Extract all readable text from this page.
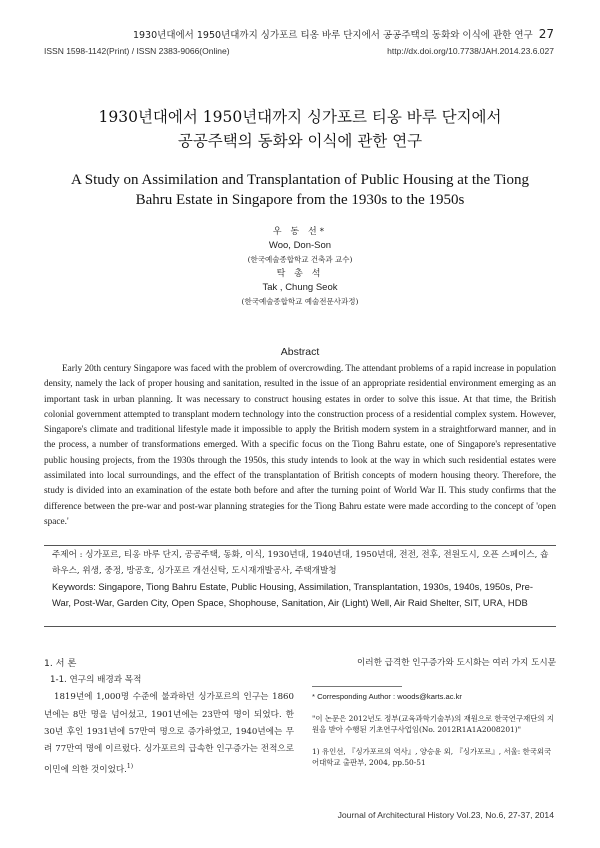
1930년대에서 1950년대까지 싱가포르 티옹 바루 단지에서 공공주택의 동화와 이식에 관한 연구 27
ISSN 1598-1142(Print) / ISSN 2383-9066(Online)	http://dx.doi.org/10.7738/JAH.2014.23.6.027
1930년대에서 1950년대까지 싱가포르 티옹 바루 단지에서
공공주택의 동화와 이식에 관한 연구
A Study on Assimilation and Transplantation of Public Housing at the Tiong
Bahru Estate in Singapore from the 1930s to the 1950s
우 동 선*
Woo, Don-Son
(한국예술종합학교 건축과 교수)
탁 총 석
Tak , Chung Seok
(한국예술종합학교 예술전문사과정)
Abstract
Early 20th century Singapore was faced with the problem of overcrowding. The attendant problems of a rapid increase in population density, namely the lack of proper housing and sanitation, resulted in the issue of an appropriate residential environment emerging as an important task in urban planning. It was necessary to construct housing estates in order to solve this issue. At that time, the British colonial government attempted to transplant modern technology into the construction process of a residential complex system. However, Singapore's climate and traditional lifestyle made it impossible to apply the British modern system in a straightforward manner, and in the process, a number of transformations emerged. With a specific focus on the Tiong Bahru estate, one of Singapore's representative public housing projects, from the 1930s through the 1950s, this study intends to look at the way in which such residential estates were assimilated into local surroundings, and the effect of the transplantation of British concepts of modern housing theory. Therefore, the study is divided into an examination of the estate both before and after the turning point of World War II. This study confirms that the difference between the pre-war and post-war planning strategies for the Tiong Bahru estate were made according to the concept of 'open space.'
주제어 : 싱가포르, 티옹 바루 단지, 공공주택, 동화, 이식, 1930년대, 1940년대, 1950년대, 전전, 전후, 전원도시, 오픈 스페이스, 숍하우스, 위생, 중정, 방공호, 싱가포르 개선신탁, 도시재개발공사, 주택개발청
Keywords: Singapore, Tiong Bahru Estate, Public Housing, Assimilation, Transplantation, 1930s, 1940s, 1950s, Pre-War, Post-War, Garden City, Open Space, Shophouse, Sanitation, Air (Light) Well, Air Raid Shelter, SIT, URA, HDB
1. 서 론
1-1. 연구의 배경과 목적
1819년에 1,000명 수준에 불과하던 싱가포르의 인구는 1860년에는 8만 명을 넘어섰고, 1901년에는 23만여 명이 되었다. 한 30년 후인 1931년에 57만여 명으로 증가하였고, 1940년에는 무려 77만여 명에 이르렀다. 싱가포르의 급속한 인구증가는 전적으로 이민에 의한 것이었다.$^{1)}$
이러한 급격한 인구증가와 도시화는 여러 가지 도시문
* Corresponding Author : woods@karts.ac.kr
"이 논문은 2012년도 정부(교육과학기술부)의 재원으로 한국연구재단의 지원을 받아 수행된 기초연구사업임(No. 2012R1A1A2008201)"
1) 유인선, 『싱가포르의 역사』, 양승윤 외, 『싱가포르』, 서울: 한국외국어대학교 출판부, 2004, pp.50-51
Journal of Architectural History Vol.23, No.6, 27-37, 2014
